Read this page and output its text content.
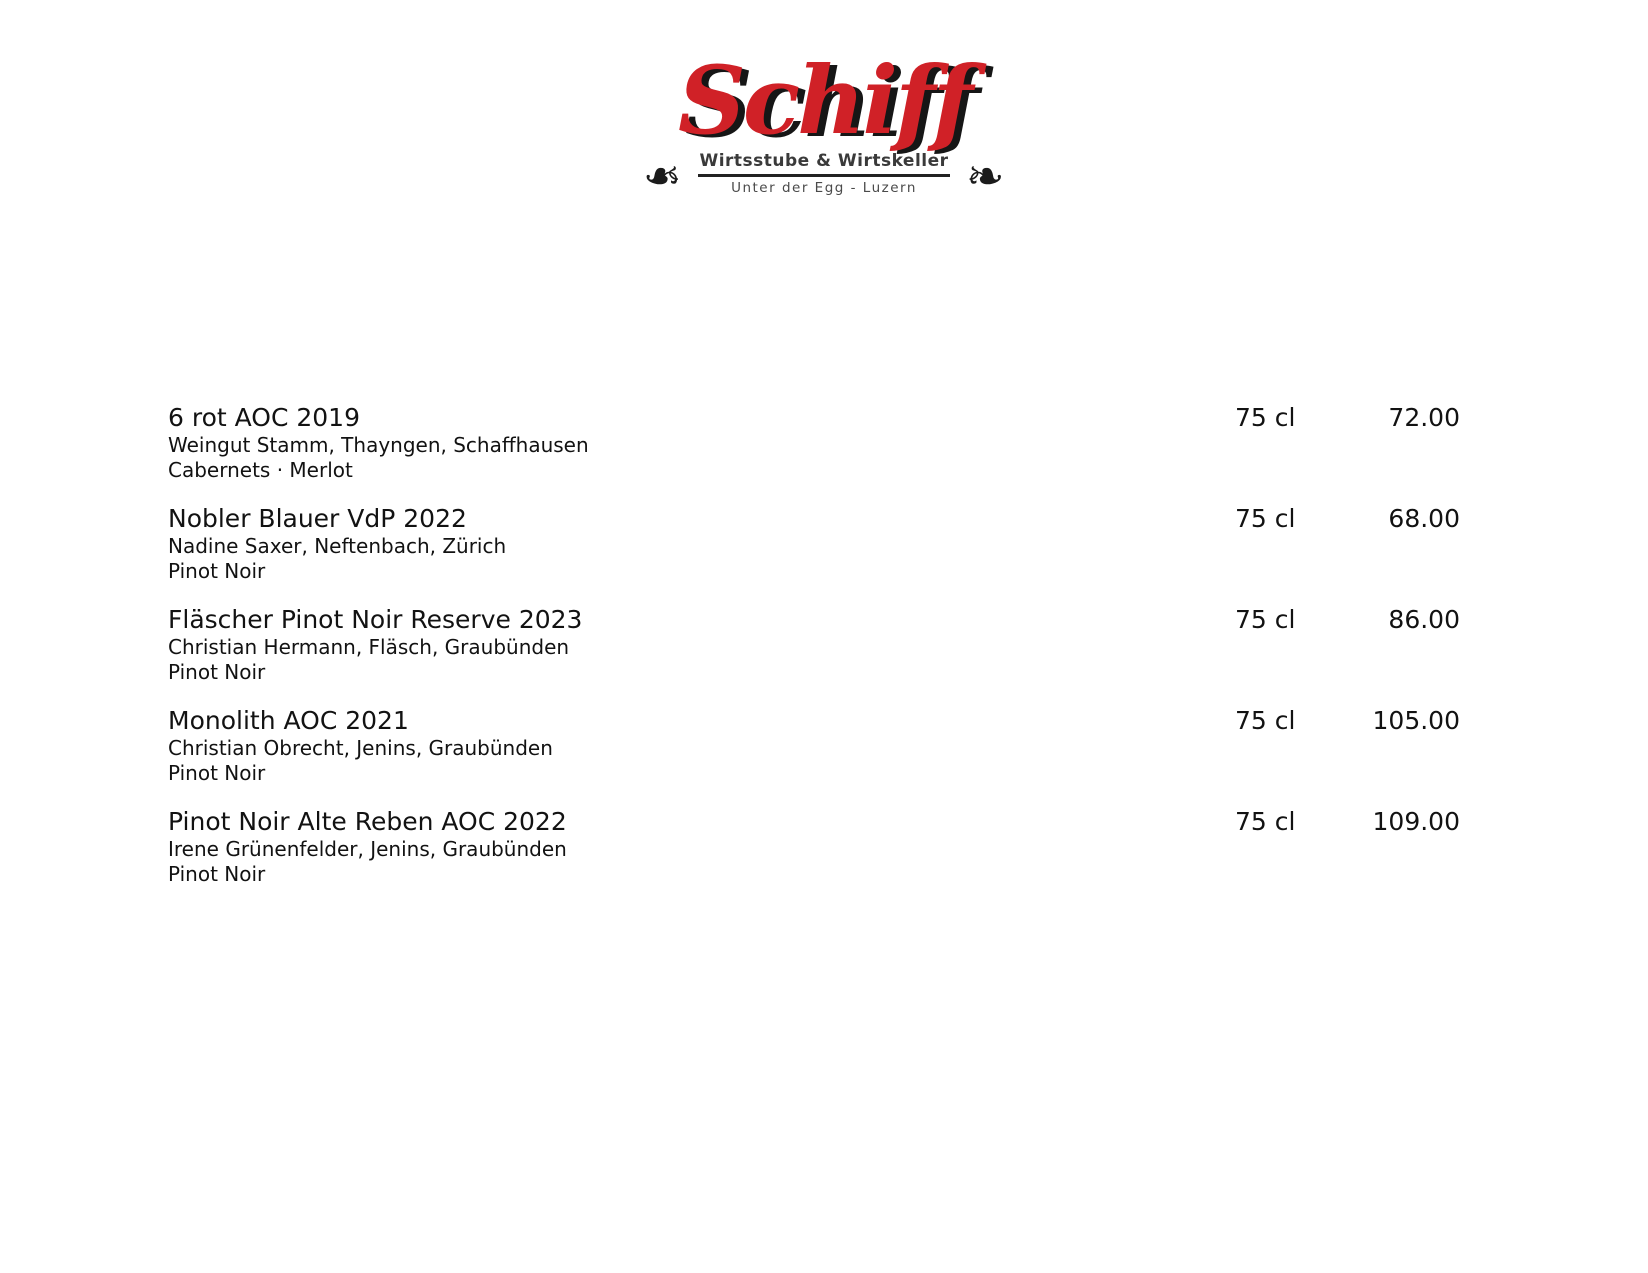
Schiff
❧ Wirtsstube & Wirtskeller
Unter der Egg - Luzern ❧
6 rot AOC 2019
Weingut Stamm, Thayngen, Schaffhausen
Cabernets · Merlot
75 cl	72.00
Nobler Blauer VdP 2022
Nadine Saxer, Neftenbach, Zürich
Pinot Noir
75 cl	68.00
Fläscher Pinot Noir Reserve 2023
Christian Hermann, Fläsch, Graubünden
Pinot Noir
75 cl	86.00
Monolith AOC 2021
Christian Obrecht, Jenins, Graubünden
Pinot Noir
75 cl	105.00
Pinot Noir Alte Reben AOC 2022
Irene Grünenfelder, Jenins, Graubünden
Pinot Noir
75 cl	109.00
